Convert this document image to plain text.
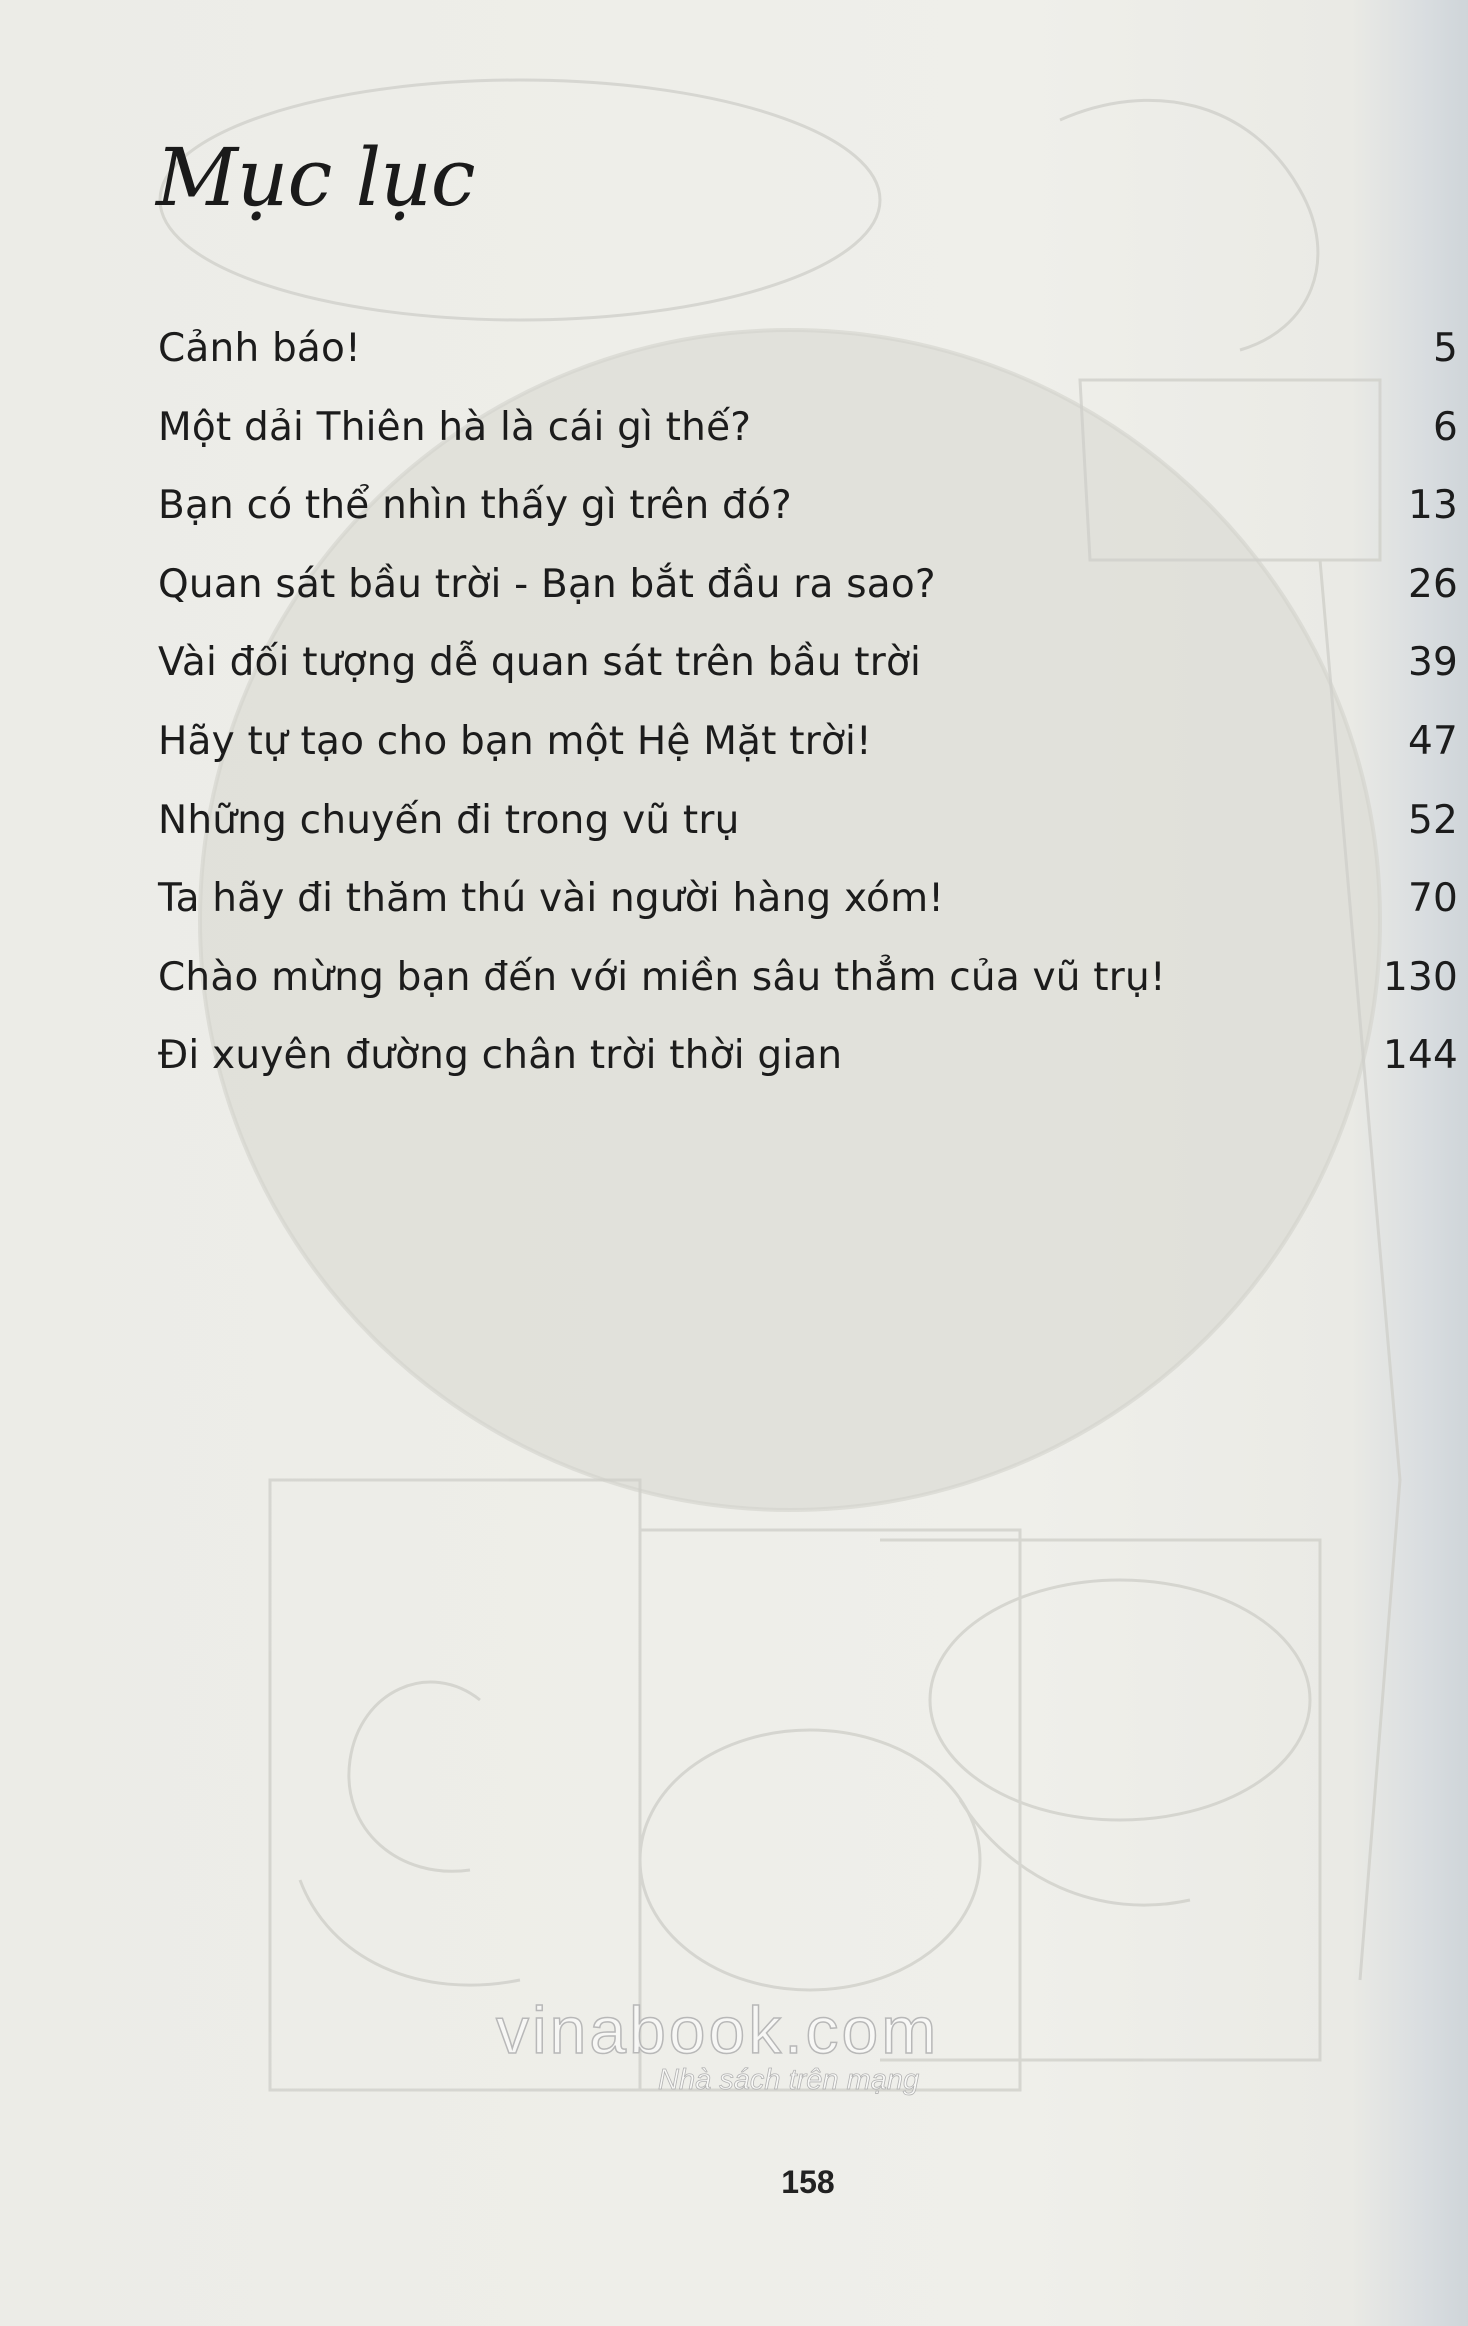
Mục lục
Cảnh báo!	5
Một dải Thiên hà là cái gì thế?	6
Bạn có thể nhìn thấy gì trên đó?	13
Quan sát bầu trời - Bạn bắt đầu ra sao?	26
Vài đối tượng dễ quan sát trên bầu trời	39
Hãy tự tạo cho bạn một Hệ Mặt trời!	47
Những chuyến đi trong vũ trụ	52
Ta hãy đi thăm thú vài người hàng xóm!	70
Chào mừng bạn đến với miền sâu thẳm của vũ trụ!	130
Đi xuyên đường chân trời thời gian	144
vinabook.com
Nhà sách trên mạng
158
